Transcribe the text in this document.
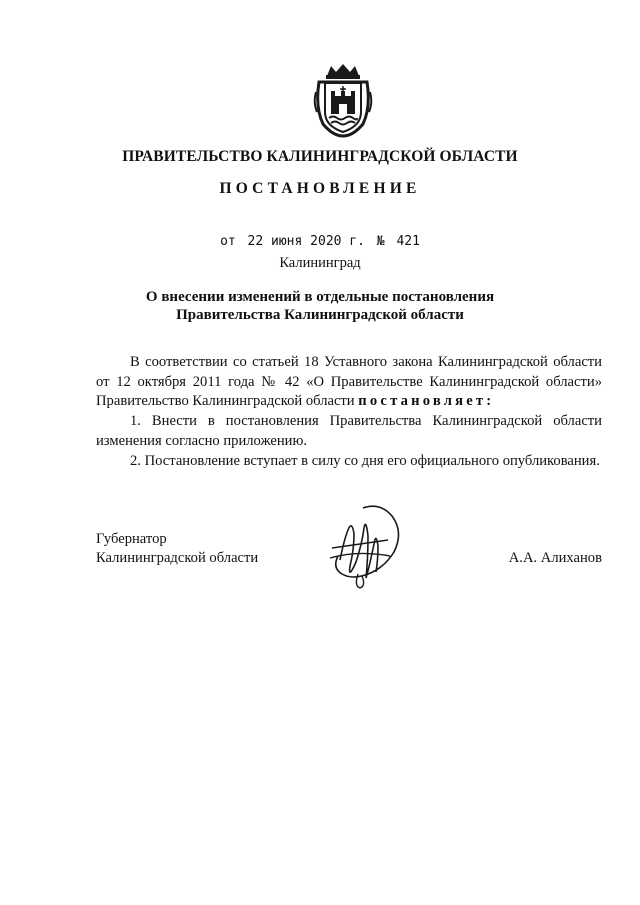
✚
ПРАВИТЕЛЬСТВО КАЛИНИНГРАДСКОЙ ОБЛАСТИ
ПОСТАНОВЛЕНИЕ
от 22 июня 2020 г. № 421
Калининград
О внесении изменений в отдельные постановления
Правительства Калининградской области

В соответствии со статьей 18 Уставного закона Калининградской области от 12 октября 2011 года № 42 «О Правительстве Калининградской области» Правительство Калининградской области постановляет:

1. Внести в постановления Правительства Калининградской области изменения согласно приложению.

2. Постановление вступает в силу со дня его официального опубликования.

Губернатор
Калининградской области	А.А. Алиханов
